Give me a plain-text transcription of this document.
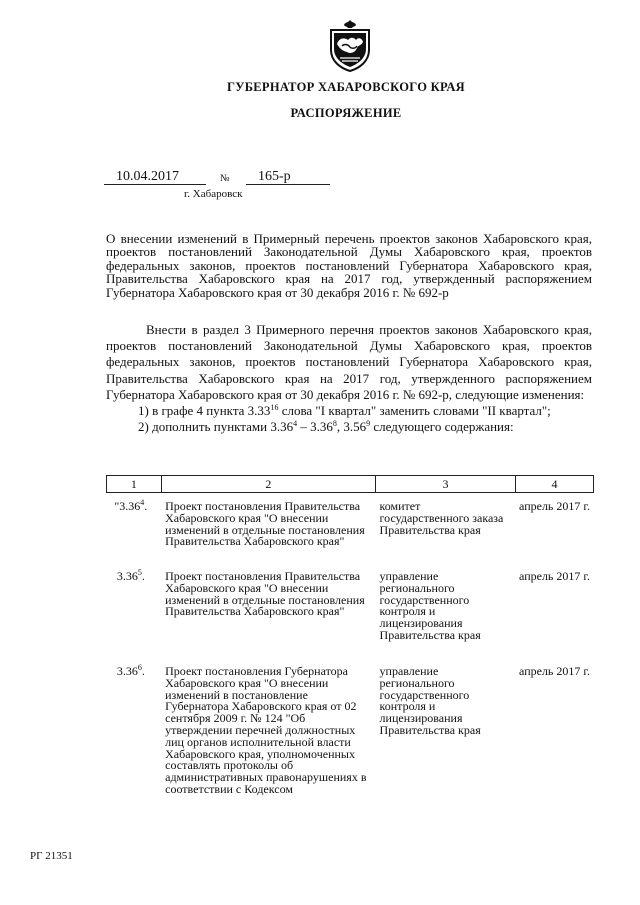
ГУБЕРНАТОР ХАБАРОВСКОГО КРАЯ
РАСПОРЯЖЕНИЕ
10.04.2017	№	165-р
г. Хабаровск

О внесении изменений в Примерный перечень проектов законов Хабаровского края, проектов постановлений Законодательной Думы Хабаровского края, проектов федеральных законов, проектов постановлений Губернатора Хабаровского края, Правительства Хабаровского края на 2017 год, утвержденный распоряжением Губернатора Хабаровского края от 30 декабря 2016 г. № 692-р

Внести в раздел 3 Примерного перечня проектов законов Хабаровского края, проектов постановлений Законодательной Думы Хабаровского края, проектов федеральных законов, проектов постановлений Губернатора Хабаровского края, Правительства Хабаровского края на 2017 год, утвержденного распоряжением Губернатора Хабаровского края от 30 декабря 2016 г. № 692-р, следующие изменения:

1) в графе 4 пункта 3.33$^{16}$ слова "I квартал" заменить словами "II квартал";

2) дополнить пунктами 3.36$^4$ – 3.36$^8$, 3.56$^9$ следующего содержания:

1	2	3	4
"3.36$^4$.	Проект постановления Правительства Хабаровского края "О внесении изменений в отдельные постановления Правительства Хабаровского края"	комитет государственного заказа Правительства края	апрель 2017 г.
3.36$^5$.	Проект постановления Правительства Хабаровского края "О внесении изменений в отдельные постановления Правительства Хабаровского края"	управление регионального государственного контроля и лицензирования Правительства края	апрель 2017 г.
3.36$^6$.	Проект постановления Губернатора Хабаровского края "О внесении изменений в постановление Губернатора Хабаровского края от 02 сентября 2009 г. № 124 "Об утверждении перечней должностных лиц органов исполнительной власти Хабаровского края, уполномоченных составлять протоколы об административных правонарушениях в соответствии с Кодексом	управление регионального государственного контроля и лицензирования Правительства края	апрель 2017 г.
РГ 21351
